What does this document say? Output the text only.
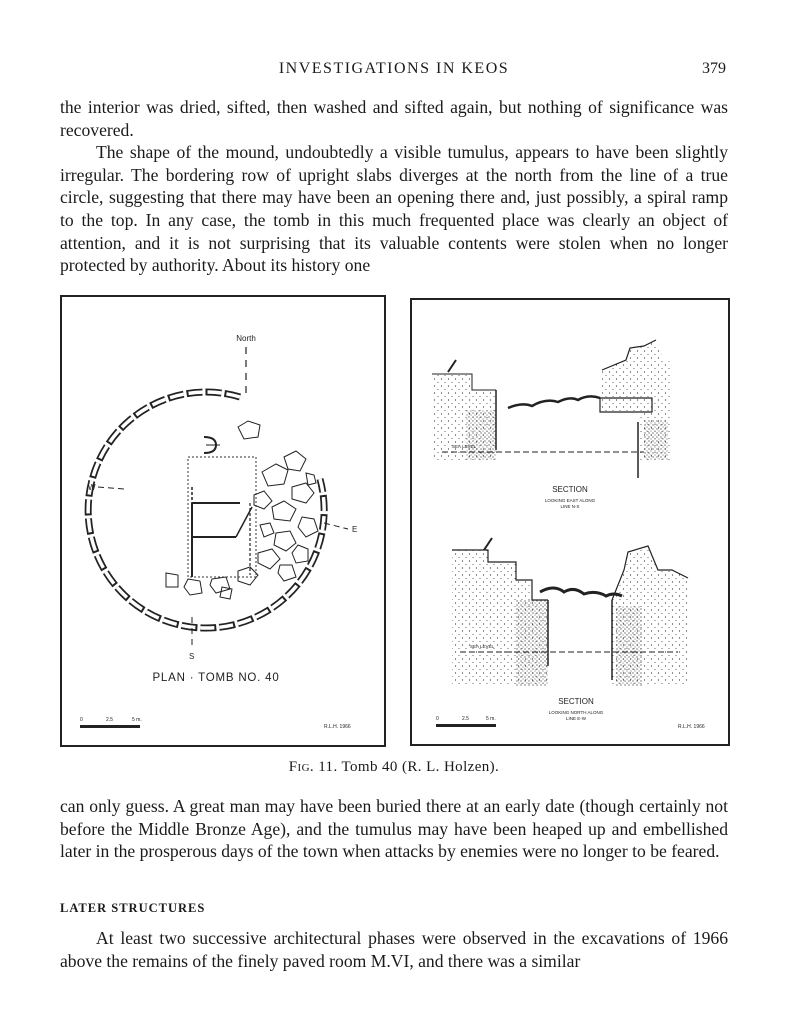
INVESTIGATIONS IN KEOS	379

the interior was dried, sifted, then washed and sifted again, but nothing of significance was recovered.

The shape of the mound, undoubtedly a visible tumulus, appears to have been slightly irregular. The bordering row of upright slabs diverges at the north from the line of a true circle, suggesting that there may have been an opening there and, just possibly, a spiral ramp to the top. In any case, the tomb in this much frequented place was clearly an object of attention, and it is not surprising that its valuable contents were stolen when no longer protected by authority. About its history one

North
W
E
S
PLAN · TOMB NO. 40
0	2.5	5 m.
R.L.H. 1966
SEA LEVEL
SECTION
LOOKING EAST ALONG
LINE N-S
SEA LEVEL
SECTION
LOOKING NORTH ALONG
LINE E-W
0	2.5	5 m.
R.L.H. 1966
Fig. 11. Tomb 40 (R. L. Holzen).

can only guess. A great man may have been buried there at an early date (though certainly not before the Middle Bronze Age), and the tumulus may have been heaped up and embellished later in the prosperous days of the town when attacks by enemies were no longer to be feared.

LATER STRUCTURES

At least two successive architectural phases were observed in the excavations of 1966 above the remains of the finely paved room M.VI, and there was a similar
